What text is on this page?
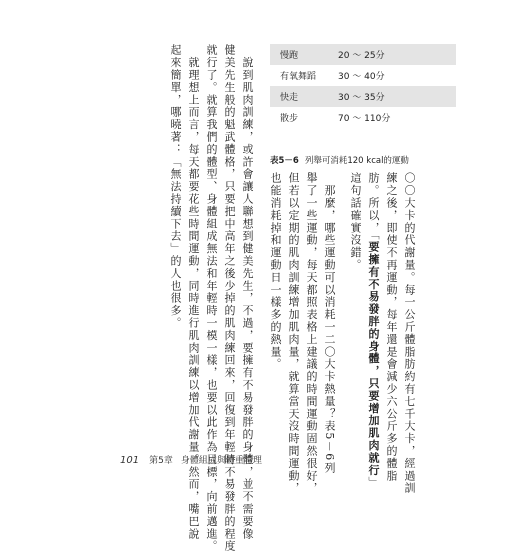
慢跑	20 ～ 25分
有氧舞蹈	30 ～ 40分
快走	30 ～ 35分
散步	70 ～ 110分
表5－6 列舉可消耗120 kcal的運動
〇〇大卡的代謝量。每一公斤體脂肪約有七千大卡，經過訓
練之後，即使不再運動，每年還是會減少六公斤多的體脂
肪。所以，「要擁有不易發胖的身體，只要增加肌肉就行」
這句話確實沒錯。
　那麼，哪些運動可以消耗一二〇大卡熱量？表5－6列
舉了一些運動，每天都照表格上建議的時間運動固然很好，
但若以定期的肌肉訓練增加肌肉量，就算當天沒時間運動，
也能消耗掉和運動日一樣多的熱量。
　說到肌肉訓練，或許會讓人聯想到健美先生，不過，要擁有不易發胖的身體，並不需要像
健美先生般的魁武體格，只要把中高年之後少掉的肌肉練回來，回復到年輕時不易發胖的程度
就行了。就算我們的體型、身體組成無法和年輕時一模一樣，也要以此作為目標，向前邁進。
　就理想上而言，每天都要花些時間運動，同時進行肌肉訓練以增加代謝量。然而，嘴巴說
起來簡單，哪曉著：「無法持續下去」的人也很多。
101 第5章 身體組成與體重管理
